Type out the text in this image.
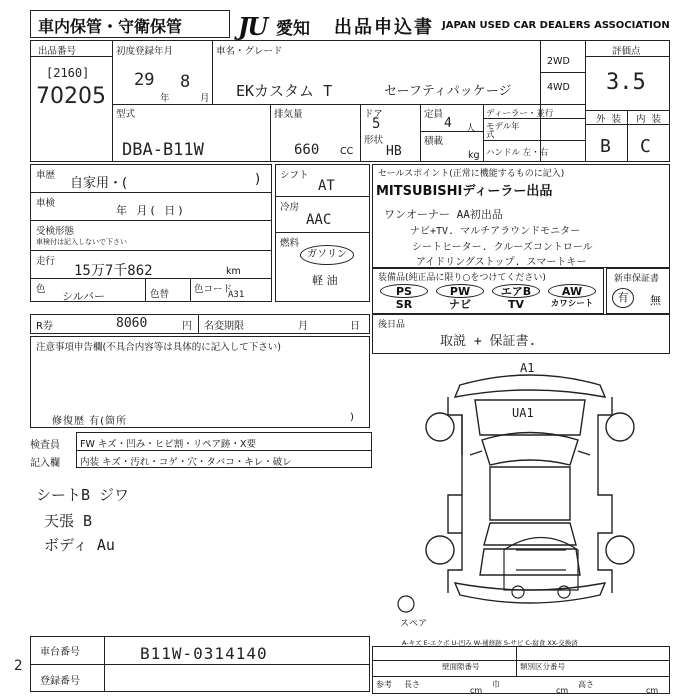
車内保管・守衛保管 JU 愛知 出品申込書 JAPAN USED CAR DEALERS ASSOCIATION
出品番号
[2160]
70205
初度登録年月
29
年
8
月
車名・グレード
EKカスタム T	セーフティパッケージ
2WD
4WD
評価点
3.5
型式
DBA-B11W
排気量
660 CC
ドア
5
定員
4 人
形状
HB
積載
kg
ディーラー・並行
モデル年式
ハンドル 左・右
外装 内装
B C
車歴
自家用・(	)
車検
年 月( 日)
受検形態
車検付は記入しないで下さい
走行
15万7千862	km
色
シルバー	色替	色コード
A31
シフト
AT
冷房
AAC
燃料
ガソリン
軽 油
セールスポイント(正常に機能するものに記入)
MITSUBISHIディーラー出品
ワンオーナー AA初出品
ナビ+TV. マルチアラウンドモニター
シートヒーター. クルーズコントロール
アイドリングストップ. スマートキー
装備品(純正品に限り○をつけてください)
PS	PW	エアB	AW
SR	ナビ	TV	カワシート
新車保証書
有	無
R券	8060	円 名変期限	月	日 後日品
取説 + 保証書.
注意事項申告欄(不具合内容等は具体的に記入して下さい)
修復歴 有(箇所	)
検査員
記入欄
FW キズ・凹み・ヒビ割・リペア跡・X要
内装 キズ・汚れ・コゲ・穴・タバコ・キレ・破レ
シートB ジワ
天張 B
ボディ Au
A1
UA1
スペア
A-キズ E-エクボ U-凹み W-補修跡 S-サビ C-腐食 XX-交換済
車台番号	B11W-0314140
登録番号
2	壁面隙番号	類別区分番号
参考 長さ
cm
巾
cm
高さ
cm
